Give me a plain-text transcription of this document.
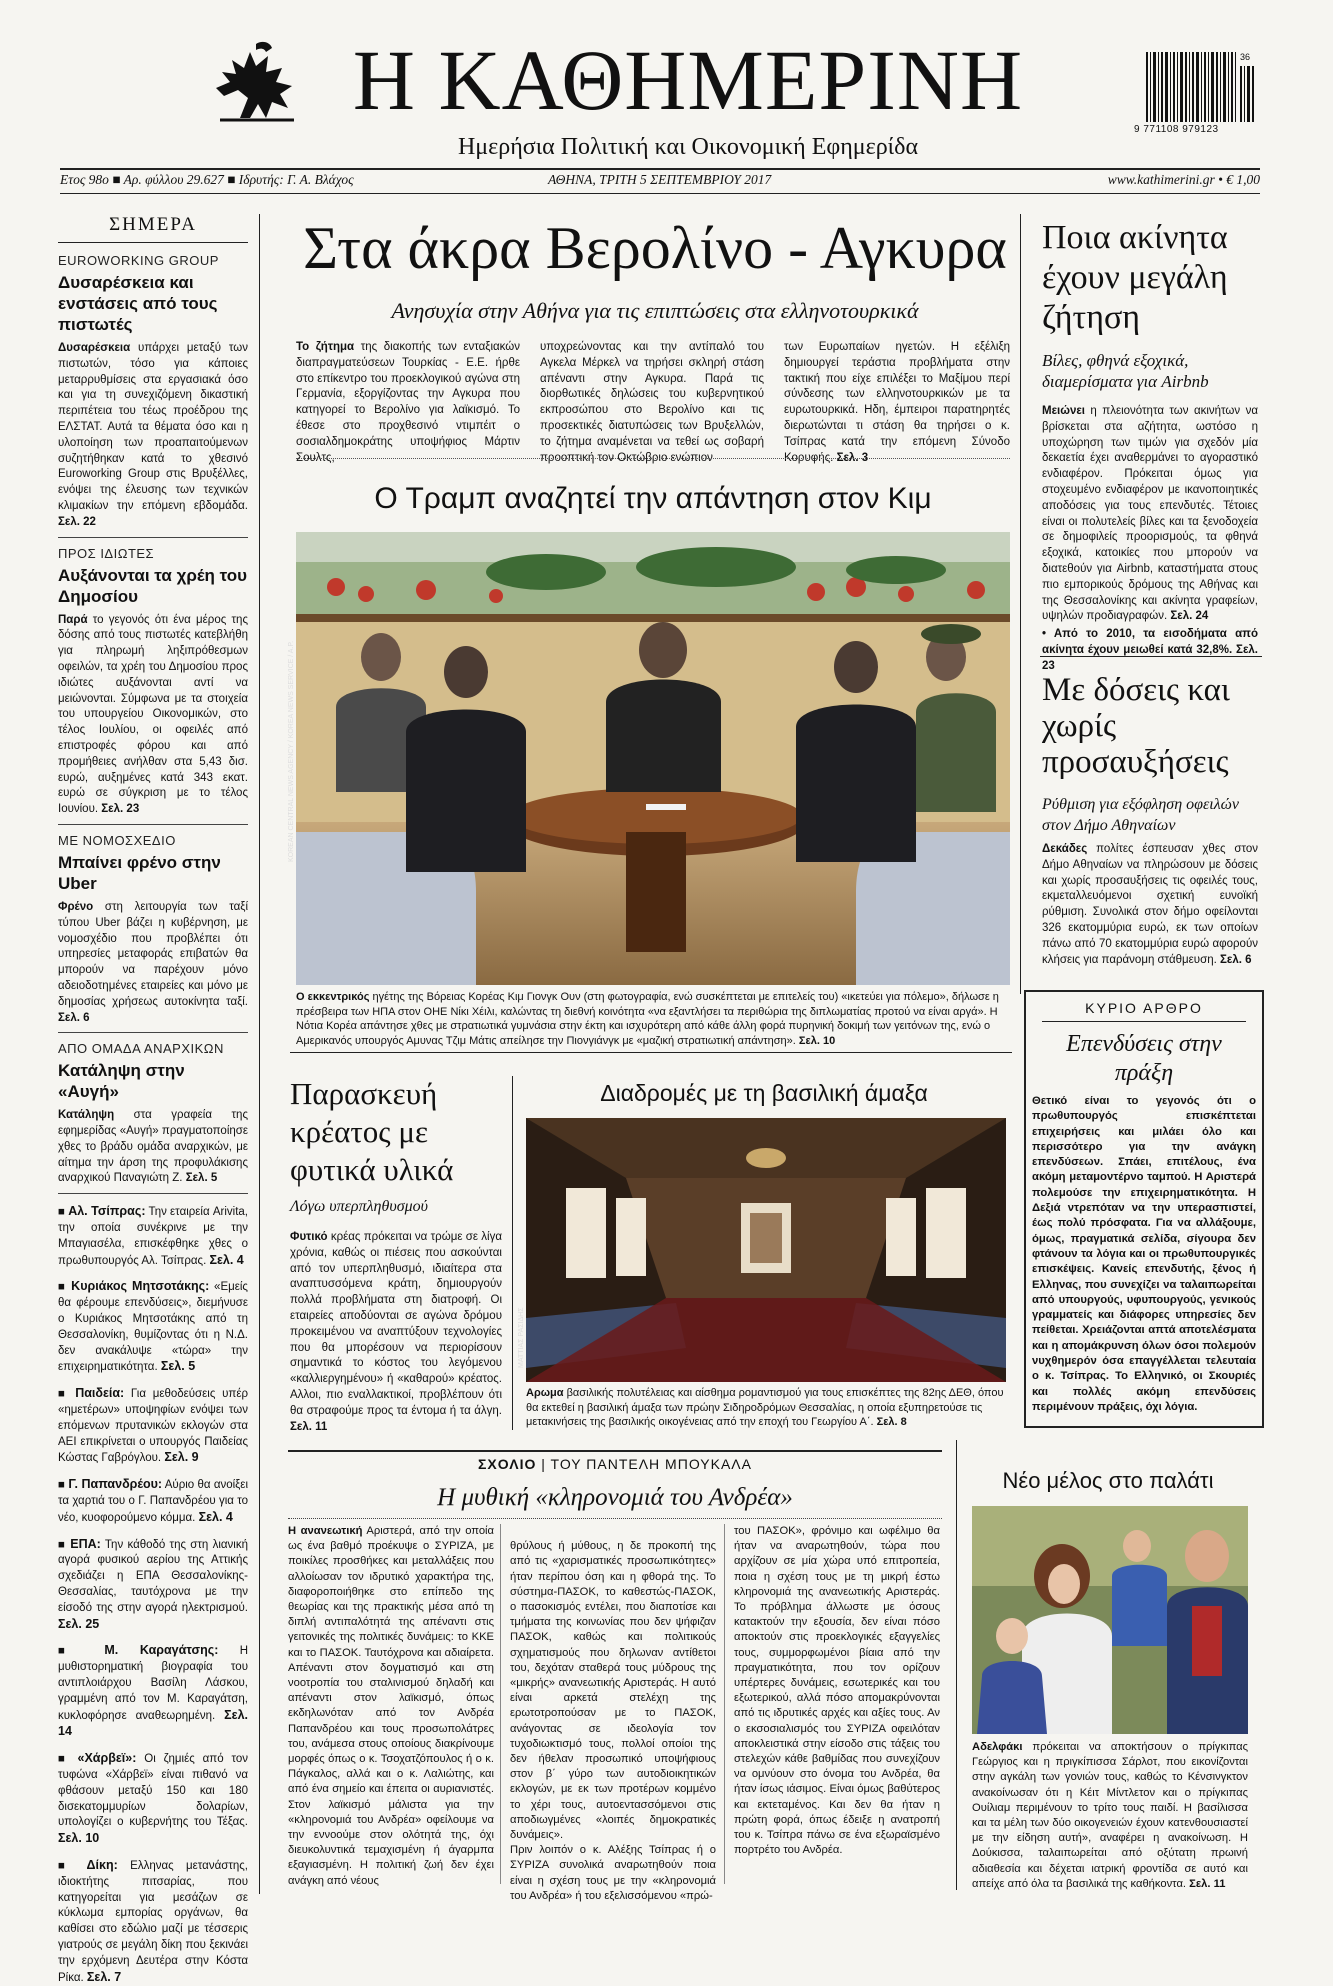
Η ΚΑΘΗΜΕΡΙΝΗ
Ημερήσια Πολιτική και Οικονομική Εφημερίδα
36
9 771108 979123
Ετος 98ο ■ Αρ. φύλλου 29.627 ■ Ιδρυτής: Γ. Α. Βλάχος	ΑΘΗΝΑ, ΤΡΙΤΗ 5 ΣΕΠΤΕΜΒΡΙΟΥ 2017	www.kathimerini.gr • € 1,00
ΣΗΜΕΡΑ
EUROWORKING GROUP
Δυσαρέσκεια και ενστάσεις από τους πιστωτές
Δυσαρέσκεια υπάρχει μεταξύ των πιστωτών, τόσο για κάποιες μεταρρυθμίσεις στα εργασιακά όσο και για τη συνεχιζόμενη δικαστική περιπέτεια του τέως προέδρου της ΕΛΣΤΑΤ. Αυτά τα θέματα όσο και η υλοποίηση των προαπαιτούμενων συζητήθηκαν κατά το χθεσινό Euroworking Group στις Βρυξέλλες, ενόψει της έλευσης των τεχνικών κλιμακίων την επόμενη εβδομάδα. Σελ. 22
ΠΡΟΣ ΙΔΙΩΤΕΣ
Αυξάνονται τα χρέη του Δημοσίου
Παρά το γεγονός ότι ένα μέρος της δόσης από τους πιστωτές κατεβλήθη για πληρωμή ληξιπρόθεσμων οφειλών, τα χρέη του Δημοσίου προς ιδιώτες αυξάνονται αντί να μειώνονται. Σύμφωνα με τα στοιχεία του υπουργείου Οικονομικών, στο τέλος Ιουλίου, οι οφειλές από επιστροφές φόρου και από προμήθειες ανήλθαν στα 5,43 δισ. ευρώ, αυξημένες κατά 343 εκατ. ευρώ σε σύγκριση με το τέλος Ιουνίου. Σελ. 23
ΜΕ ΝΟΜΟΣΧΕΔΙΟ
Μπαίνει φρένο στην Uber
Φρένο στη λειτουργία των ταξί τύπου Uber βάζει η κυβέρνηση, με νομοσχέδιο που προβλέπει ότι υπηρεσίες μεταφοράς επιβατών θα μπορούν να παρέχουν μόνο αδειοδοτημένες εταιρείες και μόνο με δημοσίας χρήσεως αυτοκίνητα ταξί. Σελ. 6
ΑΠΟ ΟΜΑΔΑ ΑΝΑΡΧΙΚΩΝ
Κατάληψη στην «Αυγή»
Κατάληψη στα γραφεία της εφημερίδας «Αυγή» πραγματοποίησε χθες το βράδυ ομάδα αναρχικών, με αίτημα την άρση της προφυλάκισης αναρχικού Παναγιώτη Ζ. Σελ. 5
■ Αλ. Τσίπρας: Την εταιρεία Arivita, την οποία συνέκρινε με την Μπαγιασέλα, επισκέφθηκε χθες ο πρωθυπουργός Αλ. Τσίπρας. Σελ. 4
■ Κυριάκος Μητσοτάκης: «Εμείς θα φέρουμε επενδύσεις», διεμήνυσε ο Κυριάκος Μητσοτάκης από τη Θεσσαλονίκη, θυμίζοντας ότι η Ν.Δ. δεν ανακάλυψε «τώρα» την επιχειρηματικότητα. Σελ. 5
■ Παιδεία: Για μεθοδεύσεις υπέρ «ημετέρων» υποψηφίων ενόψει των επόμενων πρυτανικών εκλογών στα ΑΕΙ επικρίνεται ο υπουργός Παιδείας Κώστας Γαβρόγλου. Σελ. 9
■ Γ. Παπανδρέου: Αύριο θα ανοίξει τα χαρτιά του ο Γ. Παπανδρέου για το νέο, κυοφορούμενο κόμμα. Σελ. 4
■ ΕΠΑ: Την κάθοδό της στη λιανική αγορά φυσικού αερίου της Αττικής σχεδιάζει η ΕΠΑ Θεσσαλονίκης-Θεσσαλίας, ταυτόχρονα με την είσοδό της στην αγορά ηλεκτρισμού. Σελ. 25
■ Μ. Καραγάτσης: Η μυθιστορηματική βιογραφία του αντιπλοιάρχου Βασίλη Λάσκου, γραμμένη από τον Μ. Καραγάτση, κυκλοφόρησε αναθεωρημένη. Σελ. 14
■ «Χάρβεϊ»: Οι ζημιές από τον τυφώνα «Χάρβεϊ» είναι πιθανό να φθάσουν μεταξύ 150 και 180 δισεκατομμυρίων δολαρίων, υπολογίζει ο κυβερνήτης του Τέξας. Σελ. 10
■ Δίκη: Ελληνας μετανάστης, ιδιοκτήτης πιτσαρίας, που κατηγορείται για μεσάζων σε κύκλωμα εμπορίας οργάνων, θα καθίσει στο εδώλιο μαζί με τέσσερις γιατρούς σε μεγάλη δίκη που ξεκινάει την ερχόμενη Δευτέρα στην Κόστα Ρίκα. Σελ. 7
Στα άκρα Βερολίνο - Αγκυρα
Ανησυχία στην Αθήνα για τις επιπτώσεις στα ελληνοτουρκικά
Το ζήτημα της διακοπής των ενταξιακών διαπραγματεύσεων Τουρκίας - Ε.Ε. ήρθε στο επίκεντρο του προεκλογικού αγώνα στη Γερμανία, εξοργίζοντας την Αγκυρα που κατηγορεί το Βερολίνο για λαϊκισμό. Το έθεσε στο προχθεσινό ντιμπέιτ ο σοσιαλδημοκράτης υποψήφιος Μάρτιν Σουλτς,
υποχρεώνοντας και την αντίπαλό του Αγκελα Μέρκελ να τηρήσει σκληρή στάση απέναντι στην Αγκυρα. Παρά τις διορθωτικές δηλώσεις του κυβερνητικού εκπροσώπου στο Βερολίνο και τις προσεκτικές διατυπώσεις των Βρυξελλών, το ζήτημα αναμένεται να τεθεί ως σοβαρή προοπτική τον Οκτώβριο ενώπιον
των Ευρωπαίων ηγετών. Η εξέλιξη δημιουργεί τεράστια προβλήματα στην τακτική που είχε επιλέξει το Μαξίμου περί σύνδεσης των ελληνοτουρκικών με τα ευρωτουρκικά. Ηδη, έμπειροι παρατηρητές διερωτώνται τι στάση θα τηρήσει ο κ. Τσίπρας κατά την επόμενη Σύνοδο Κορυφής. Σελ. 3
Ο Τραμπ αναζητεί την απάντηση στον Κιμ
KOREAN CENTRAL NEWS AGENCY / KOREA NEWS SERVICE / A.P.
Ο εκκεντρικός ηγέτης της Βόρειας Κορέας Κιμ Γιονγκ Ουν (στη φωτογραφία, ενώ συσκέπτεται με επιτελείς του) «ικετεύει για πόλεμο», δήλωσε η πρέσβειρα των ΗΠΑ στον ΟΗΕ Νίκι Χέιλι, καλώντας τη διεθνή κοινότητα «να εξαντλήσει τα περιθώρια της διπλωματίας προτού να είναι αργά». Η Νότια Κορέα απάντησε χθες με στρατιωτικά γυμνάσια στην έκτη και ισχυρότερη από κάθε άλλη φορά πυρηνική δοκιμή των γειτόνων της, ενώ ο Αμερικανός υπουργός Αμυνας Τζιμ Μάτις απείλησε την Πιονγιάνγκ με «μαζική στρατιωτική απάντηση». Σελ. 10
Ποια ακίνητα έχουν μεγάλη ζήτηση
Βίλες, φθηνά εξοχικά, διαμερίσματα για Airbnb
Μειώνει η πλειονότητα των ακινήτων να βρίσκεται στα αζήτητα, ωστόσο η υποχώρηση των τιμών για σχεδόν μία δεκαετία έχει αναθερμάνει το αγοραστικό ενδιαφέρον. Πρόκειται όμως για στοχευμένο ενδιαφέρον με ικανοποιητικές αποδόσεις για τους επενδυτές. Τέτοιες είναι οι πολυτελείς βίλες και τα ξενοδοχεία σε δημοφιλείς προορισμούς, τα φθηνά εξοχικά, κατοικίες που μπορούν να διατεθούν για Airbnb, καταστήματα στους πιο εμπορικούς δρόμους της Αθήνας και της Θεσσαλονίκης και ακίνητα γραφείων, υψηλών προδιαγραφών. Σελ. 24
• Από το 2010, τα εισοδήματα από ακίνητα έχουν μειωθεί κατά 32,8%. Σελ. 23
Με δόσεις και χωρίς προσαυξήσεις
Ρύθμιση για εξόφληση οφειλών στον Δήμο Αθηναίων
Δεκάδες πολίτες έσπευσαν χθες στον Δήμο Αθηναίων να πληρώσουν με δόσεις και χωρίς προσαυξήσεις τις οφειλές τους, εκμεταλλευόμενοι σχετική ευνοϊκή ρύθμιση. Συνολικά στον δήμο οφείλονται 326 εκατομμύρια ευρώ, εκ των οποίων πάνω από 70 εκατομμύρια ευρώ αφορούν κλήσεις για παράνομη στάθμευση. Σελ. 6
ΚΥΡΙΟ ΑΡΘΡΟ
Επενδύσεις στην πράξη
Θετικό είναι το γεγονός ότι ο πρωθυπουργός επισκέπτεται επιχειρήσεις και μιλάει όλο και περισσότερο για την ανάγκη επενδύσεων. Σπάει, επιτέλους, ένα ακόμη μεταμοντέρνο ταμπού. Η Αριστερά πολεμούσε την επιχειρηματικότητα. Η Δεξιά ντρεπόταν να την υπερασπιστεί, έως πολύ πρόσφατα. Για να αλλάξουμε, όμως, πραγματικά σελίδα, σίγουρα δεν φτάνουν τα λόγια και οι πρωθυπουργικές επισκέψεις. Κανείς επενδυτής, ξένος ή Ελληνας, που συνεχίζει να ταλαιπωρείται από υπουργούς, υφυπουργούς, γενικούς γραμματείς και διάφορες υπηρεσίες δεν πείθεται. Χρειάζονται απτά αποτελέσματα και η απομάκρυνση όλων όσοι πολεμούν νυχθημερόν όσα επαγγέλλεται τελευταία ο κ. Τσίπρας. Το Ελληνικό, οι Σκουριές και πολλές ακόμη επενδύσεις περιμένουν πράξεις, όχι λόγια.
Παρασκευή κρέατος με φυτικά υλικά
Λόγω υπερπληθυσμού
Φυτικό κρέας πρόκειται να τρώμε σε λίγα χρόνια, καθώς οι πιέσεις που ασκούνται από τον υπερπληθυσμό, ιδιαίτερα στα αναπτυσσόμενα κράτη, δημιουργούν πολλά προβλήματα στη διατροφή. Οι εταιρείες αποδύονται σε αγώνα δρόμου προκειμένου να αναπτύξουν τεχνολογίες που θα μπορέσουν να περιορίσουν σημαντικά το κόστος του λεγόμενου «καλλιεργημένου» ή «καθαρού» κρέατος. Αλλοι, πιο εναλλακτικοί, προβλέπουν ότι θα στραφούμε προς τα έντομα ή τα άλγη. Σελ. 11
Διαδρομές με τη βασιλική άμαξα
ΜΑΤΤΙΑΣ ΡΑΣΙΔΗΣ
Αρωμα βασιλικής πολυτέλειας και αίσθημα ρομαντισμού για τους επισκέπτες της 82ης ΔΕΘ, όπου θα εκτεθεί η βασιλική άμαξα των πρώην Σιδηροδρόμων Θεσσαλίας, η οποία εξυπηρετούσε τις μετακινήσεις της βασιλικής οικογένειας από την εποχή του Γεωργίου Α΄. Σελ. 8
ΣΧΟΛΙΟ | ΤΟΥ ΠΑΝΤΕΛΗ ΜΠΟΥΚΑΛΑ
Η μυθική «κληρονομιά του Ανδρέα»
Η ανανεωτική Αριστερά, από την οποία ως ένα βαθμό προέκυψε ο ΣΥΡΙΖΑ, με ποικίλες προσθήκες και μεταλλάξεις που αλλοίωσαν τον ιδρυτικό χαρακτήρα της, διαφοροποιήθηκε στο επίπεδο της θεωρίας και της πρακτικής μέσα από τη διπλή αντιπαλότητά της απέναντι στις γειτονικές της πολιτικές δυνάμεις: το ΚΚΕ και το ΠΑΣΟΚ. Ταυτόχρονα και αδιαίρετα. Απέναντι στον δογματισμό και στη νοοτροπία του σταλινισμού δηλαδή και απέναντι στον λαϊκισμό, όπως εκδηλωνόταν από τον Ανδρέα Παπανδρέου και τους προσωπολάτρες του, ανάμεσα στους οποίους διακρίνουμε μορφές όπως ο κ. Τσοχατζόπουλος ή ο κ. Πάγκαλος, αλλά και ο κ. Λαλιώτης, και από ένα σημείο και έπειτα οι αυριανιστές. Στον λαϊκισμό μάλιστα για την «κληρονομιά του Ανδρέα» οφείλουμε να την εννοούμε στον ολότητά της, όχι διευκολυντικά τεμαχισμένη ή άγαρμπα εξαγιασμένη. Η πολιτική ζωή δεν έχει ανάγκη από νέους

θρύλους ή μύθους, η δε προκοπή της από τις «χαρισματικές προσωπικότητες» ήταν περίπου όση και η φθορά της. Το σύστημα-ΠΑΣΟΚ, το καθεστώς-ΠΑΣΟΚ, ο πασοκισμός εντέλει, που διαποτίσε και τμήματα της κοινωνίας που δεν ψήφιζαν ΠΑΣΟΚ, καθώς και πολιτικούς σχηματισμούς που δηλωναν αντίθετοι του, δεχόταν σταθερά τους μύδρους της «μικρής» ανανεωτικής Αριστεράς. Η αυτό είναι αρκετά στελέχη της ερωτοτροπούσαν με το ΠΑΣΟΚ, ανάγοντας σε ιδεολογία τον τυχοδιωκτισμό τους, πολλοί οποίοι της δεν ήθελαν προσωπικό υποψήφιους στον β΄ γύρο των αυτοδιοικητικών εκλογών, με εκ των προτέρων κομμένο το χέρι τους, αυτοεντασσόμενοι στις αποδιωγμένες «λοιπές δημοκρατικές δυνάμεις».
Πριν λοιπόν ο κ. Αλέξης Τσίπρας ή ο ΣΥΡΙΖΑ συνολικά αναρωτηθούν ποια είναι η σχέση τους με την «κληρονομιά του Ανδρέα» ή του εξελισσόμενου «πρώ-

του ΠΑΣΟΚ», φρόνιμο και ωφέλιμο θα ήταν να αναρωτηθούν, τώρα που αρχίζουν σε μία χώρα υπό επιτροπεία, ποια η σχέση τους με τη μικρή έστω κληρονομιά της ανανεωτικής Αριστεράς. Το πρόβλημα άλλωστε με όσους κατακτούν την εξουσία, δεν είναι πόσο αποκτούν στις προεκλογικές εξαγγελίες τους, συμμορφωμένοι βίαια από την πραγματικότητα, που τον ορίζουν υπέρτερες δυνάμεις, εσωτερικές και του εξωτερικού, αλλά πόσο απομακρύνονται από τις ιδρυτικές αρχές και αξίες τους. Αν ο εκσοσιαλισμός του ΣΥΡΙΖΑ οφειλόταν αποκλειστικά στην είσοδο στις τάξεις του στελεχών κάθε βαθμίδας που συνεχίζουν να ομνύουν στο όνομα του Ανδρέα, θα ήταν ίσως ιάσιμος. Είναι όμως βαθύτερος και εκτεταμένος. Και δεν θα ήταν η πρώτη φορά, όπως έδειξε η ανατροπή του κ. Τσίπρα πάνω σε ένα εξωραϊσμένο πορτρέτο του Ανδρέα.
Νέο μέλος στο παλάτι
Αδελφάκι πρόκειται να αποκτήσουν ο πρίγκιπας Γεώργιος και η πριγκίπισσα Σάρλοτ, που εικονίζονται στην αγκάλη των γονιών τους, καθώς το Κένσινγκτον ανακοίνωσαν ότι η Κέιτ Μίντλετον και ο πρίγκιπας Ουίλιαμ περιμένουν το τρίτο τους παιδί. Η βασίλισσα και τα μέλη των δύο οικογενειών έχουν κατενθουσιαστεί με την είδηση αυτή», αναφέρει η ανακοίνωση. Η Δούκισσα, ταλαιπωρείται από οξύτατη πρωινή αδιαθεσία και δέχεται ιατρική φροντίδα σε αυτό και απείχε από όλα τα βασιλικά της καθήκοντα. Σελ. 11
